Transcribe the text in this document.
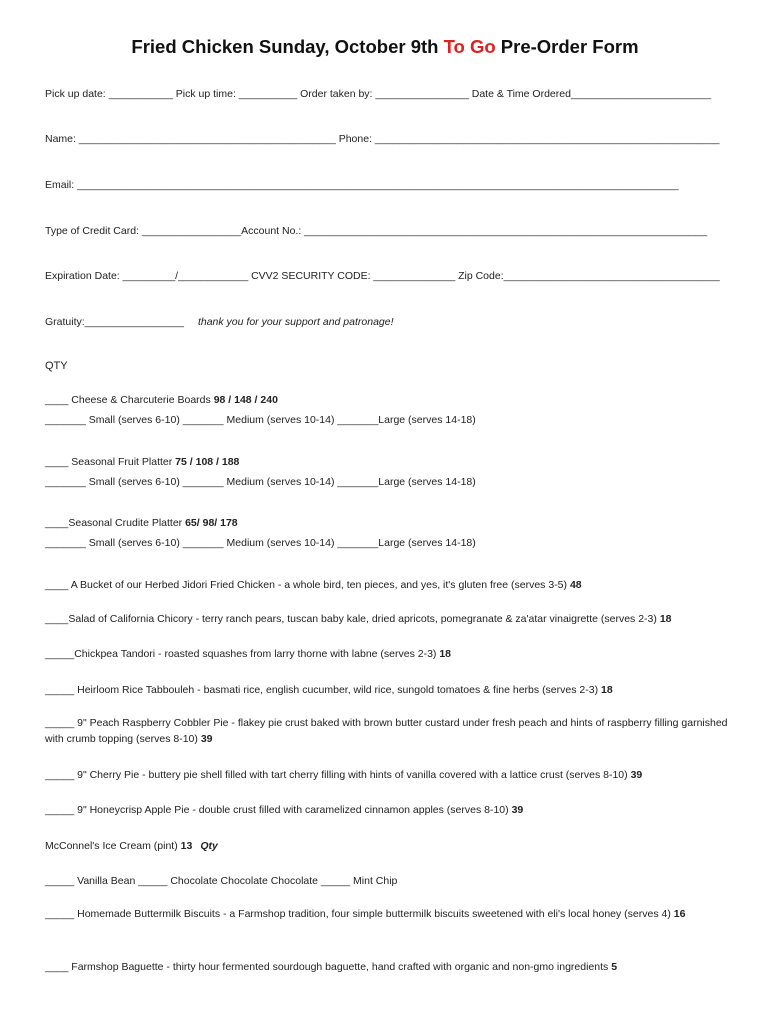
Fried Chicken Sunday, October 9th To Go Pre-Order Form
Pick up date: ___________ Pick up time: __________ Order taken by: ________________ Date & Time Ordered________________________
Name: ____________________________________________ Phone: ___________________________________________________________
Email: _______________________________________________________________________________________________________
Type of Credit Card: _________________Account No.: _____________________________________________________________________
Expiration Date: _________/____________ CVV2 SECURITY CODE: ______________ Zip Code:_____________________________________
Gratuity:_________________ thank you for your support and patronage!
QTY
____ Cheese & Charcuterie Boards 98 / 148 / 240
_______ Small (serves 6-10) _______ Medium (serves 10-14) _______Large (serves 14-18)
____ Seasonal Fruit Platter 75 / 108 / 188
_______ Small (serves 6-10) _______ Medium (serves 10-14) _______Large (serves 14-18)
____Seasonal Crudite Platter 65/ 98/ 178
_______ Small (serves 6-10) _______ Medium (serves 10-14) _______Large (serves 14-18)
____ A Bucket of our Herbed Jidori Fried Chicken - a whole bird, ten pieces, and yes, it's gluten free (serves 3-5) 48
____Salad of California Chicory - terry ranch pears, tuscan baby kale, dried apricots, pomegranate & za'atar vinaigrette (serves 2-3) 18
_____Chickpea Tandori - roasted squashes from larry thorne with labne (serves 2-3) 18
_____ Heirloom Rice Tabbouleh - basmati rice, english cucumber, wild rice, sungold tomatoes & fine herbs (serves 2-3) 18
_____ 9" Peach Raspberry Cobbler Pie - flakey pie crust baked with brown butter custard under fresh peach and hints of raspberry filling garnished with crumb topping (serves 8-10) 39
_____ 9" Cherry Pie - buttery pie shell filled with tart cherry filling with hints of vanilla covered with a lattice crust (serves 8-10) 39
_____ 9" Honeycrisp Apple Pie - double crust filled with caramelized cinnamon apples (serves 8-10) 39
McConnel's Ice Cream (pint) 13 Qty
_____ Vanilla Bean _____ Chocolate Chocolate Chocolate _____ Mint Chip
_____ Homemade Buttermilk Biscuits - a Farmshop tradition, four simple buttermilk biscuits sweetened with eli's local honey (serves 4) 16
____ Farmshop Baguette - thirty hour fermented sourdough baguette, hand crafted with organic and non-gmo ingredients 5
